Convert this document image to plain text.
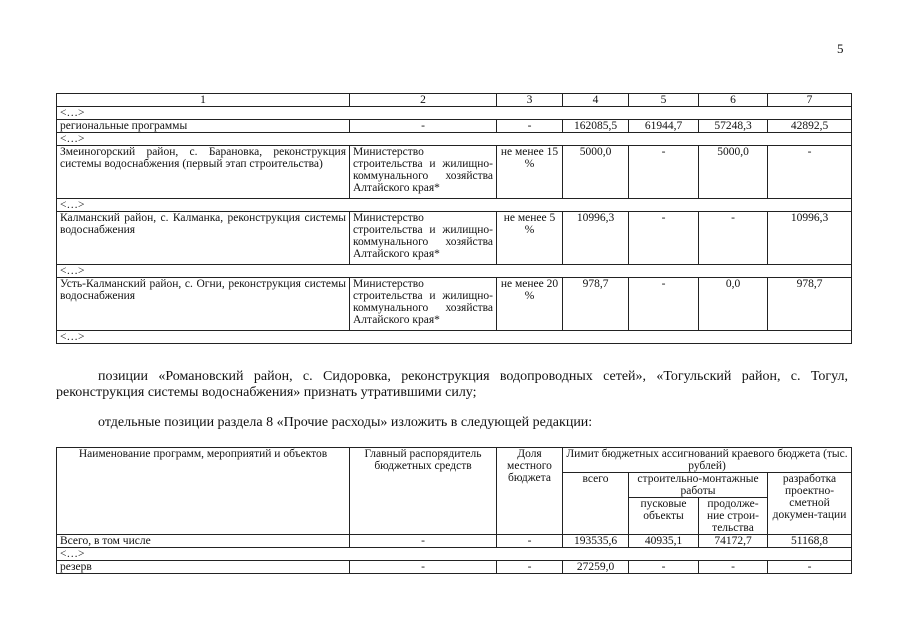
5
1	2	3	4	5	6	7
<…>						
региональные программы	-	-	162085,5	61944,7	57248,3	42892,5
<…>						
Змеиногорский район, с. Барановка, реконструкция системы водоснабжения (первый этап строительства)	Министерство строительства и жилищно-коммунального хозяйства Алтайского края*	не менее 15 %	5000,0	-	5000,0	-
<…>						
Калманский район, с. Калманка, реконструкция системы водоснабжения	Министерство строительства и жилищно-коммунального хозяйства Алтайского края*	не менее 5 %	10996,3	-	-	10996,3
<…>						
Усть-Калманский район, с. Огни, реконструкция системы водоснабжения	Министерство строительства и жилищно-коммунального хозяйства Алтайского края*	не менее 20 %	978,7	-	0,0	978,7
<…>						
позиции «Романовский район, с. Сидоровка, реконструкция водопроводных сетей», «Тогульский район, с. Тогул, реконструкция системы водоснабжения» признать утратившими силу;
отдельные позиции раздела 8 «Прочие расходы» изложить в следующей редакции:
Наименование программ, мероприятий и объектов	Главный распорядитель бюджетных средств	Доля местного бюджета	Лимит бюджетных ассигнований краевого бюджета (тыс. рублей)			
			всего	строительно-монтажные работы		разработка проектно-сметной докумен-тации
				пусковые объекты	продолже-ние строи-тельства	
Всего, в том числе	-	-	193535,6	40935,1	74172,7	51168,8
<…>						
резерв	-	-	27259,0	-	-	-
